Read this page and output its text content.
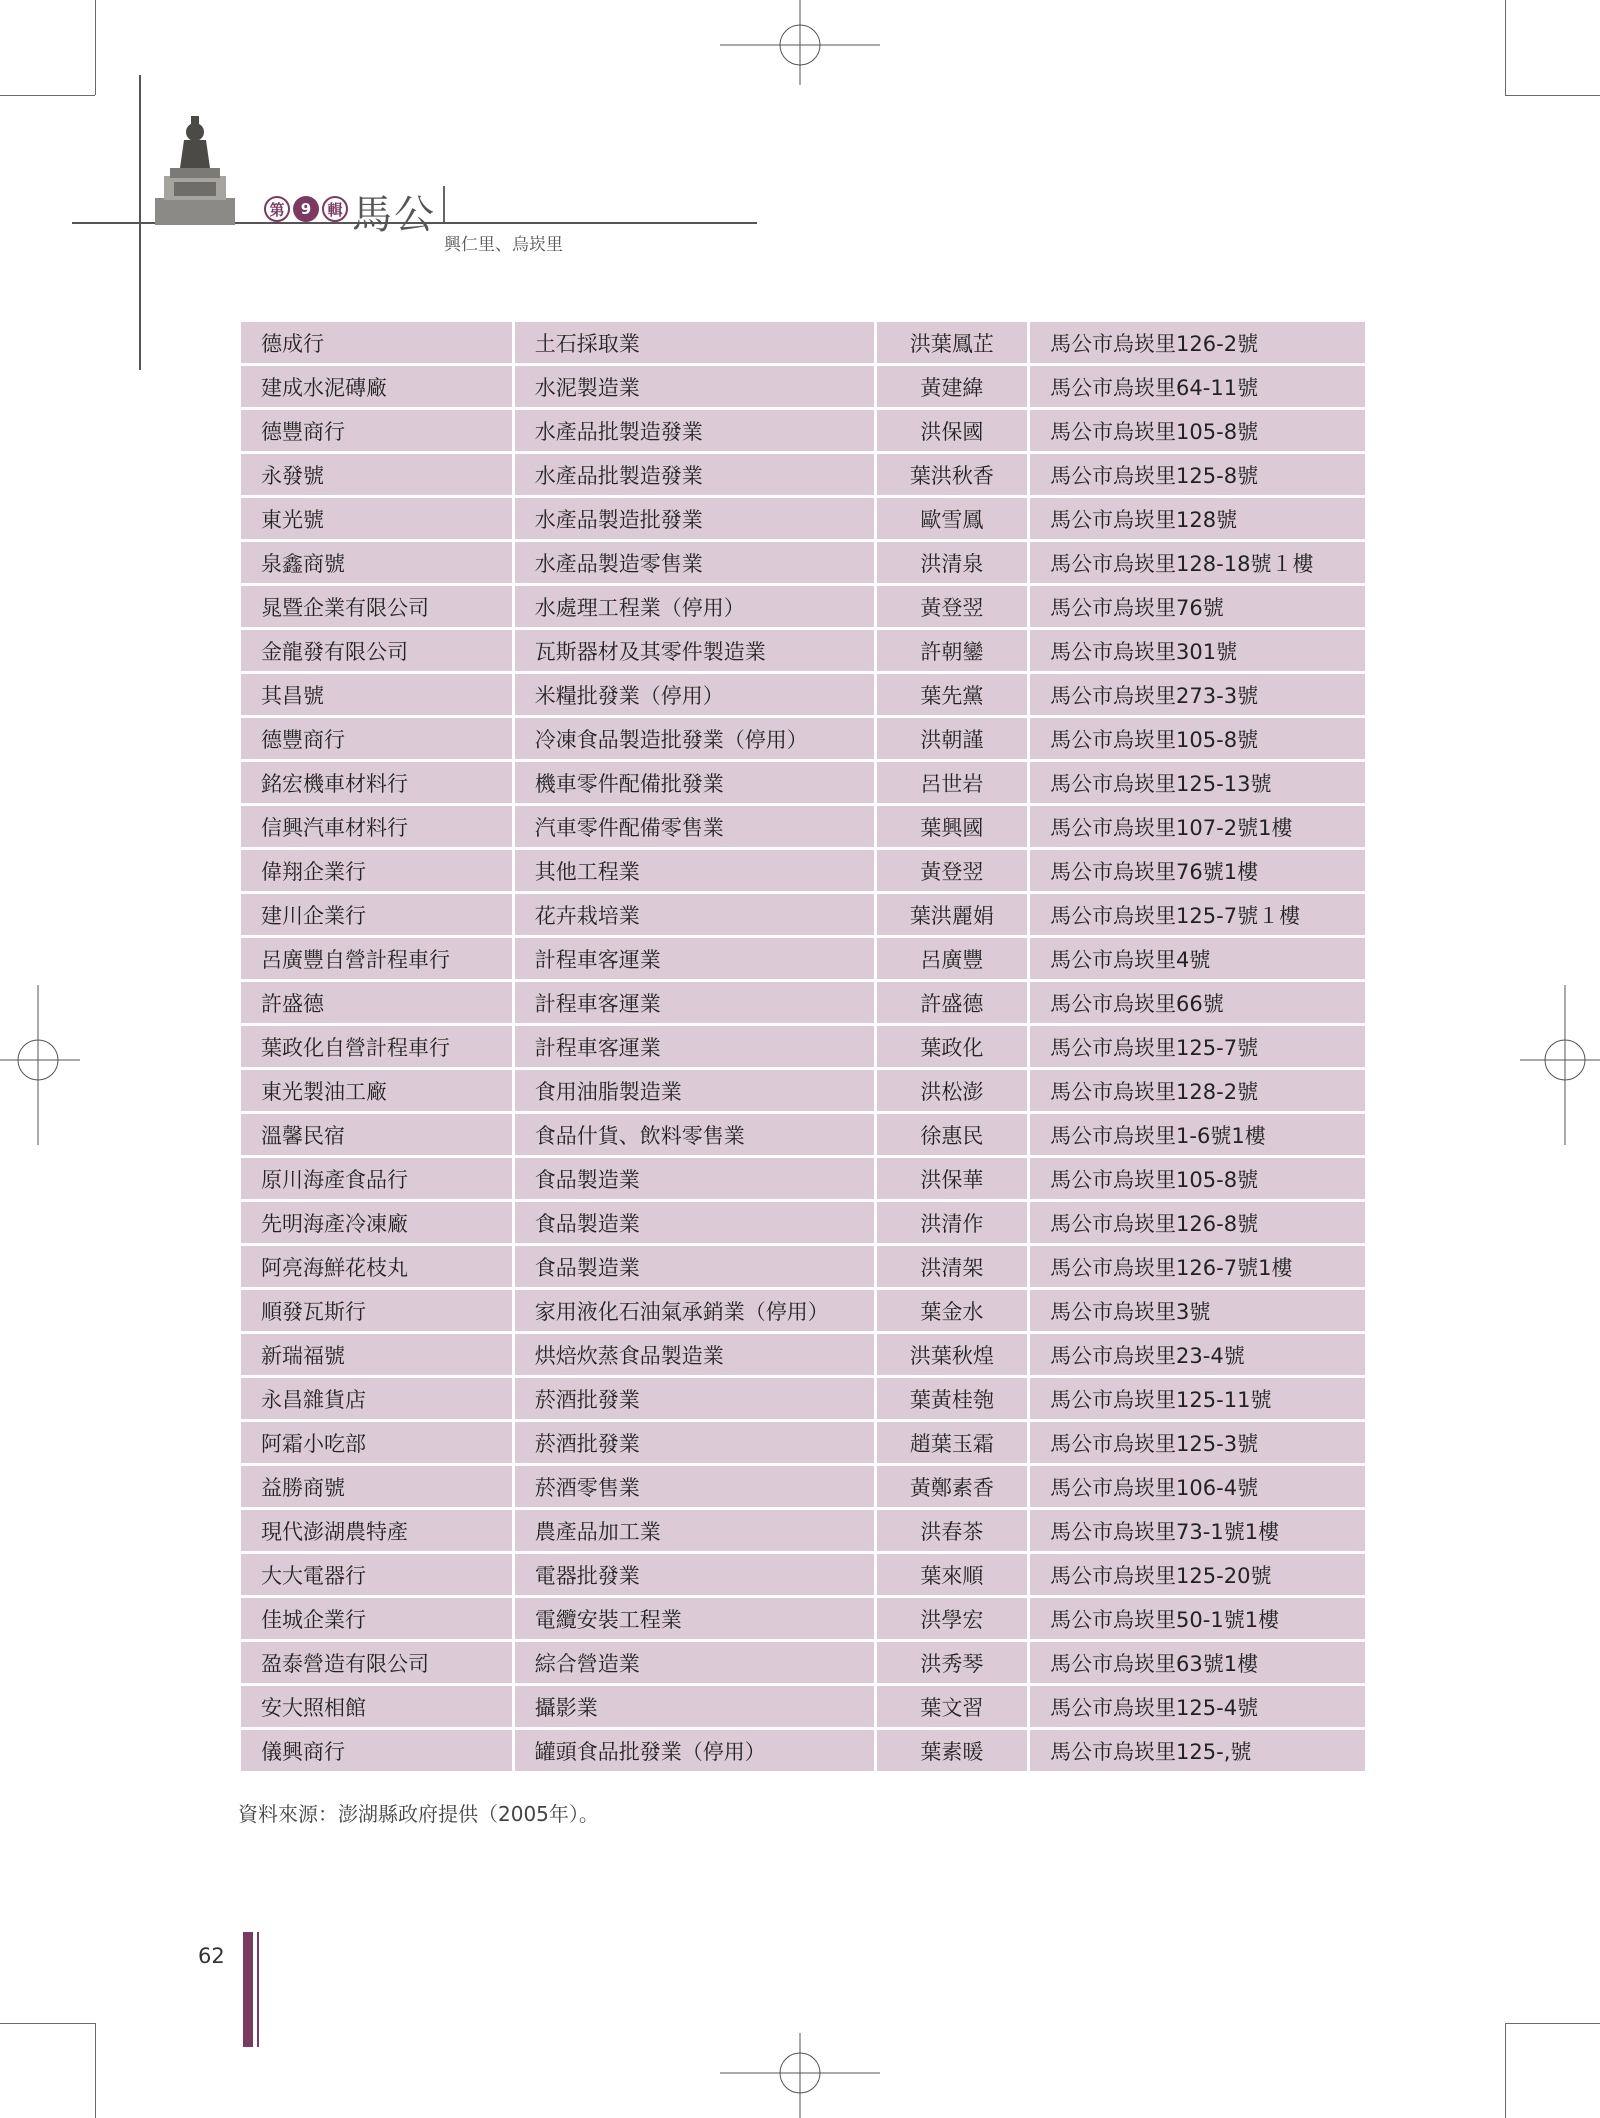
第	9	輯 馬公
興仁里、烏崁里
德成行	土石採取業	洪葉鳳芷	馬公市烏崁里126-2號
建成水泥磚廠	水泥製造業	黃建緯	馬公市烏崁里64-11號
德豐商行	水產品批製造發業	洪保國	馬公市烏崁里105-8號
永發號	水產品批製造發業	葉洪秋香	馬公市烏崁里125-8號
東光號	水產品製造批發業	歐雪鳳	馬公市烏崁里128號
泉鑫商號	水產品製造零售業	洪清泉	馬公市烏崁里128-18號１樓
晁暨企業有限公司	水處理工程業（停用）	黃登翌	馬公市烏崁里76號
金龍發有限公司	瓦斯器材及其零件製造業	許朝鑾	馬公市烏崁里301號
其昌號	米糧批發業（停用）	葉先黨	馬公市烏崁里273-3號
德豐商行	冷凍食品製造批發業（停用）	洪朝謹	馬公市烏崁里105-8號
銘宏機車材料行	機車零件配備批發業	呂世岩	馬公市烏崁里125-13號
信興汽車材料行	汽車零件配備零售業	葉興國	馬公市烏崁里107-2號1樓
偉翔企業行	其他工程業	黃登翌	馬公市烏崁里76號1樓
建川企業行	花卉栽培業	葉洪麗娟	馬公市烏崁里125-7號１樓
呂廣豐自營計程車行	計程車客運業	呂廣豐	馬公市烏崁里4號
許盛德	計程車客運業	許盛德	馬公市烏崁里66號
葉政化自營計程車行	計程車客運業	葉政化	馬公市烏崁里125-7號
東光製油工廠	食用油脂製造業	洪松澎	馬公市烏崁里128-2號
溫馨民宿	食品什貨、飲料零售業	徐惠民	馬公市烏崁里1-6號1樓
原川海產食品行	食品製造業	洪保華	馬公市烏崁里105-8號
先明海產冷凍廠	食品製造業	洪清作	馬公市烏崁里126-8號
阿亮海鮮花枝丸	食品製造業	洪清架	馬公市烏崁里126-7號1樓
順發瓦斯行	家用液化石油氣承銷業（停用）	葉金水	馬公市烏崁里3號
新瑞福號	烘焙炊蒸食品製造業	洪葉秋煌	馬公市烏崁里23-4號
永昌雜貨店	菸酒批發業	葉黃桂匏	馬公市烏崁里125-11號
阿霜小吃部	菸酒批發業	趙葉玉霜	馬公市烏崁里125-3號
益勝商號	菸酒零售業	黃鄭素香	馬公市烏崁里106-4號
現代澎湖農特產	農產品加工業	洪春茶	馬公市烏崁里73-1號1樓
大大電器行	電器批發業	葉來順	馬公市烏崁里125-20號
佳城企業行	電纜安裝工程業	洪學宏	馬公市烏崁里50-1號1樓
盈泰營造有限公司	綜合營造業	洪秀琴	馬公市烏崁里63號1樓
安大照相館	攝影業	葉文習	馬公市烏崁里125-4號
儀興商行	罐頭食品批發業（停用）	葉素暖	馬公市烏崁里125-,號
資料來源：澎湖縣政府提供（2005年）。
62
